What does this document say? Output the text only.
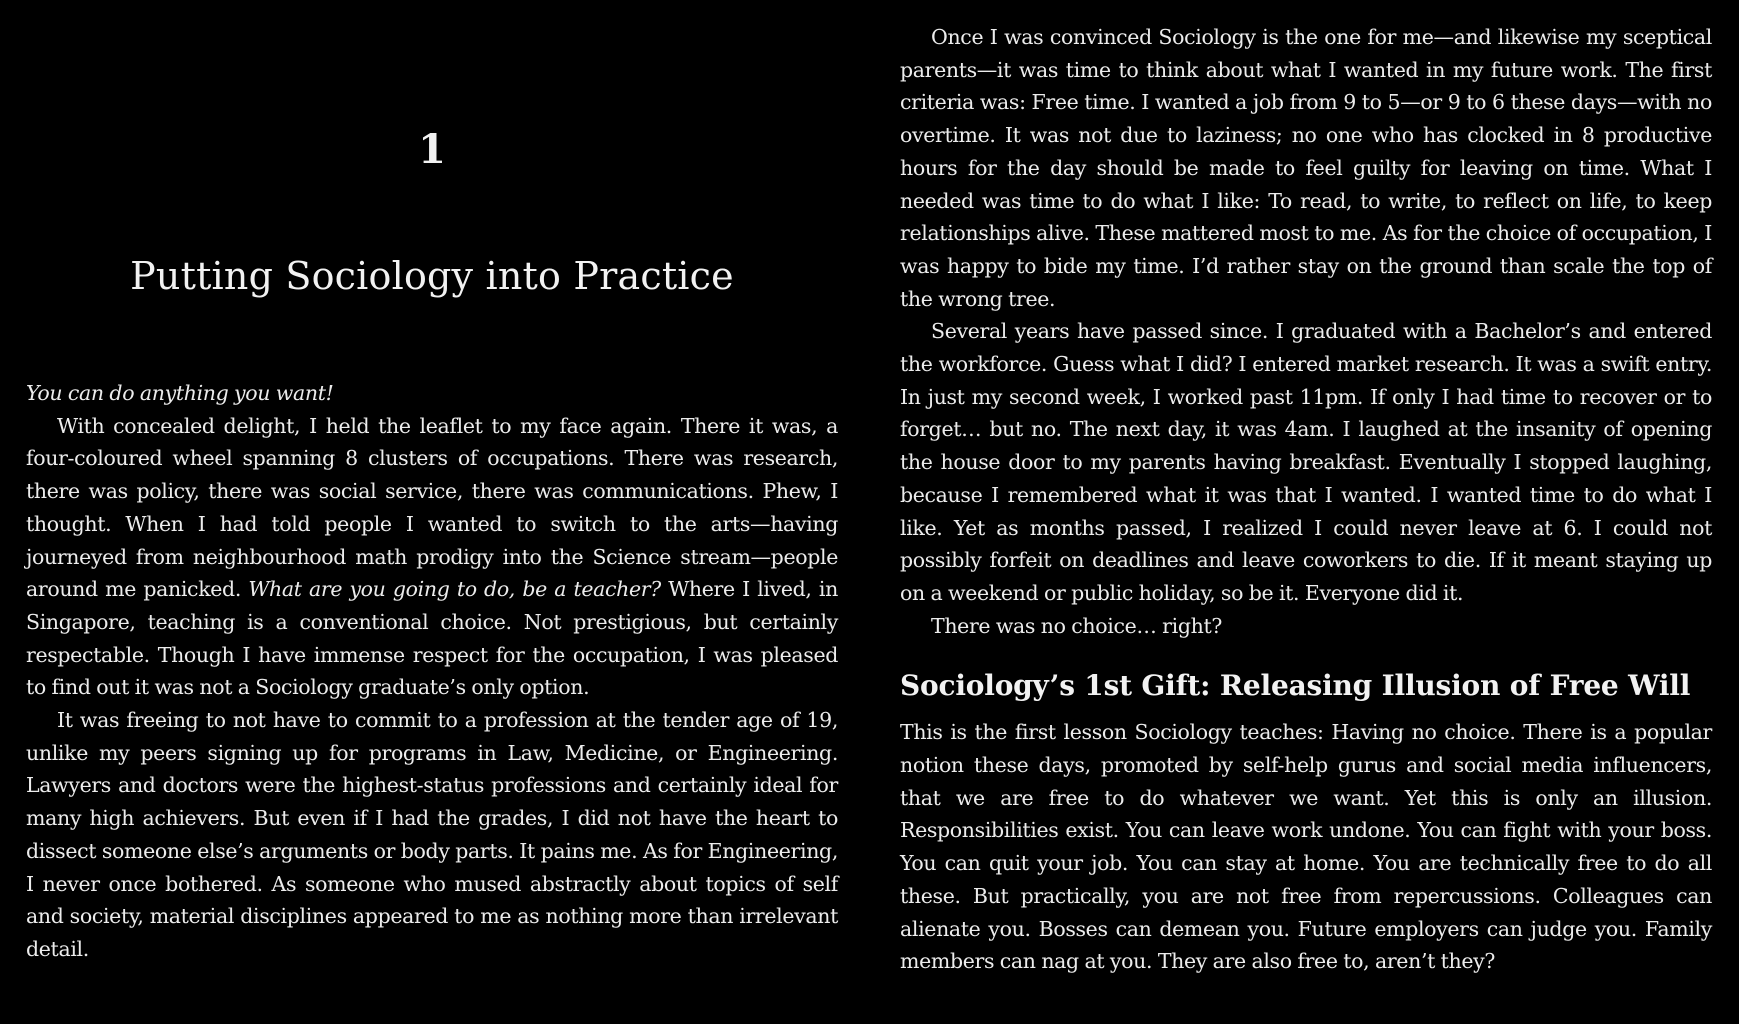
1
Putting Sociology into Practice

You can do anything you want!

With concealed delight, I held the leaflet to my face again. There it was, a four-coloured wheel spanning 8 clusters of occupations. There was research, there was policy, there was social service, there was communications. Phew, I thought. When I had told people I wanted to switch to the arts—having journeyed from neighbourhood math prodigy into the Science stream—people around me panicked. What are you going to do, be a teacher? Where I lived, in Singapore, teaching is a conventional choice. Not prestigious, but certainly respectable. Though I have immense respect for the occupation, I was pleased to find out it was not a Sociology graduate’s only option.

It was freeing to not have to commit to a profession at the tender age of 19, unlike my peers signing up for programs in Law, Medicine, or Engineering. Lawyers and doctors were the highest-status professions and certainly ideal for many high achievers. But even if I had the grades, I did not have the heart to dissect someone else’s arguments or body parts. It pains me. As for Engineering, I never once bothered. As someone who mused abstractly about topics of self and society, material disciplines appeared to me as nothing more than irrelevant detail.

Once I was convinced Sociology is the one for me—and likewise my sceptical parents—it was time to think about what I wanted in my future work. The first criteria was: Free time. I wanted a job from 9 to 5—or 9 to 6 these days—with no overtime. It was not due to laziness; no one who has clocked in 8 productive hours for the day should be made to feel guilty for leaving on time. What I needed was time to do what I like: To read, to write, to reflect on life, to keep relationships alive. These mattered most to me. As for the choice of occupation, I was happy to bide my time. I’d rather stay on the ground than scale the top of the wrong tree.

Several years have passed since. I graduated with a Bachelor’s and entered the workforce. Guess what I did? I entered market research. It was a swift entry. In just my second week, I worked past 11pm. If only I had time to recover or to forget… but no. The next day, it was 4am. I laughed at the insanity of opening the house door to my parents having breakfast. Eventually I stopped laughing, because I remembered what it was that I wanted. I wanted time to do what I like. Yet as months passed, I realized I could never leave at 6. I could not possibly forfeit on deadlines and leave coworkers to die. If it meant staying up on a weekend or public holiday, so be it. Everyone did it.

There was no choice… right?

Sociology’s 1st Gift: Releasing Illusion of Free Will

This is the first lesson Sociology teaches: Having no choice. There is a popular notion these days, promoted by self-help gurus and social media influencers, that we are free to do whatever we want. Yet this is only an illusion. Responsibilities exist. You can leave work undone. You can fight with your boss. You can quit your job. You can stay at home. You are technically free to do all these. But practically, you are not free from repercussions. Colleagues can alienate you. Bosses can demean you. Future employers can judge you. Family members can nag at you. They are also free to, aren’t they?
